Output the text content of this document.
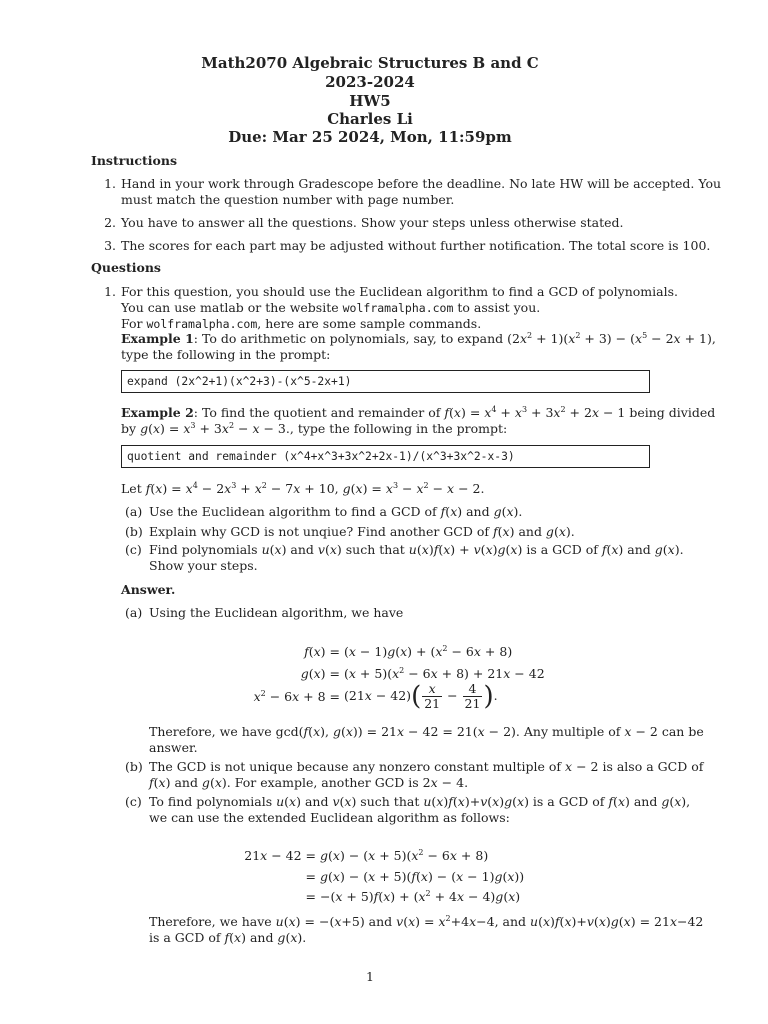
Math2070 Algebraic Structures B and C
2023-2024
HW5
Charles Li
Due: Mar 25 2024, Mon, 11:59pm
Instructions
1. Hand in your work through Gradescope before the deadline. No late HW will be accepted. You
must match the question number with page number.
2. You have to answer all the questions. Show your steps unless otherwise stated.
3. The scores for each part may be adjusted without further notification. The total score is 100.
Questions
1. For this question, you should use the Euclidean algorithm to find a GCD of polynomials.
You can use matlab or the website wolframalpha.com to assist you.
For wolframalpha.com, here are some sample commands.
Example 1: To do arithmetic on polynomials, say, to expand $(2x^2 + 1)(x^2 + 3) - (x^5 - 2x + 1)$,
type the following in the prompt:
expand (2x^2+1)(x^2+3)-(x^5-2x+1)
Example 2: To find the quotient and remainder of $f(x) = x^4 + x^3 + 3x^2 + 2x - 1$ being divided
by $g(x) = x^3 + 3x^2 - x - 3$., type the following in the prompt:
quotient and remainder (x^4+x^3+3x^2+2x-1)/(x^3+3x^2-x-3)
Let $f(x) = x^4 - 2x^3 + x^2 - 7x + 10$, $g(x) = x^3 - x^2 - x - 2$.
(a) Use the Euclidean algorithm to find a GCD of f(x) and g(x).
(b) Explain why GCD is not unqiue? Find another GCD of f(x) and g(x).
(c) Find polynomials u(x) and v(x) such that u(x)f(x) + v(x)g(x) is a GCD of f(x) and g(x).
Show your steps.
Answer.
(a) Using the Euclidean algorithm, we have
$f(x) = (x - 1)g(x) + (x^2 - 6x + 8)$
$g(x) = (x + 5)(x^2 - 6x + 8) + 21x - 42$
$x^2 - 6x + 8 = (21x - 42)( \frac{x}{21} - \frac{4}{21}$ ).
Therefore, we have gcd(f(x), g(x)) = 21x − 42 = 21(x − 2). Any multiple of x − 2 can be
answer.
(b) The GCD is not unique because any nonzero constant multiple of x − 2 is also a GCD of
f(x) and g(x). For example, another GCD is 2x − 4.
(c) To find polynomials u(x) and v(x) such that u(x)f(x)+v(x)g(x) is a GCD of f(x) and g(x),
we can use the extended Euclidean algorithm as follows:
$21x - 42 = g(x) - (x + 5)(x^2 - 6x + 8)$
= g(x) − (x + 5)(f(x) − (x − 1)g(x))
= $-(x + 5)f(x) + (x^2 + 4x - 4)g(x)$
Therefore, we have u(x) = −(x+5) and $v(x) = x^2+4x-4$, and u(x)f(x)+v(x)g(x) = 21x−42
is a GCD of f(x) and g(x).
1
